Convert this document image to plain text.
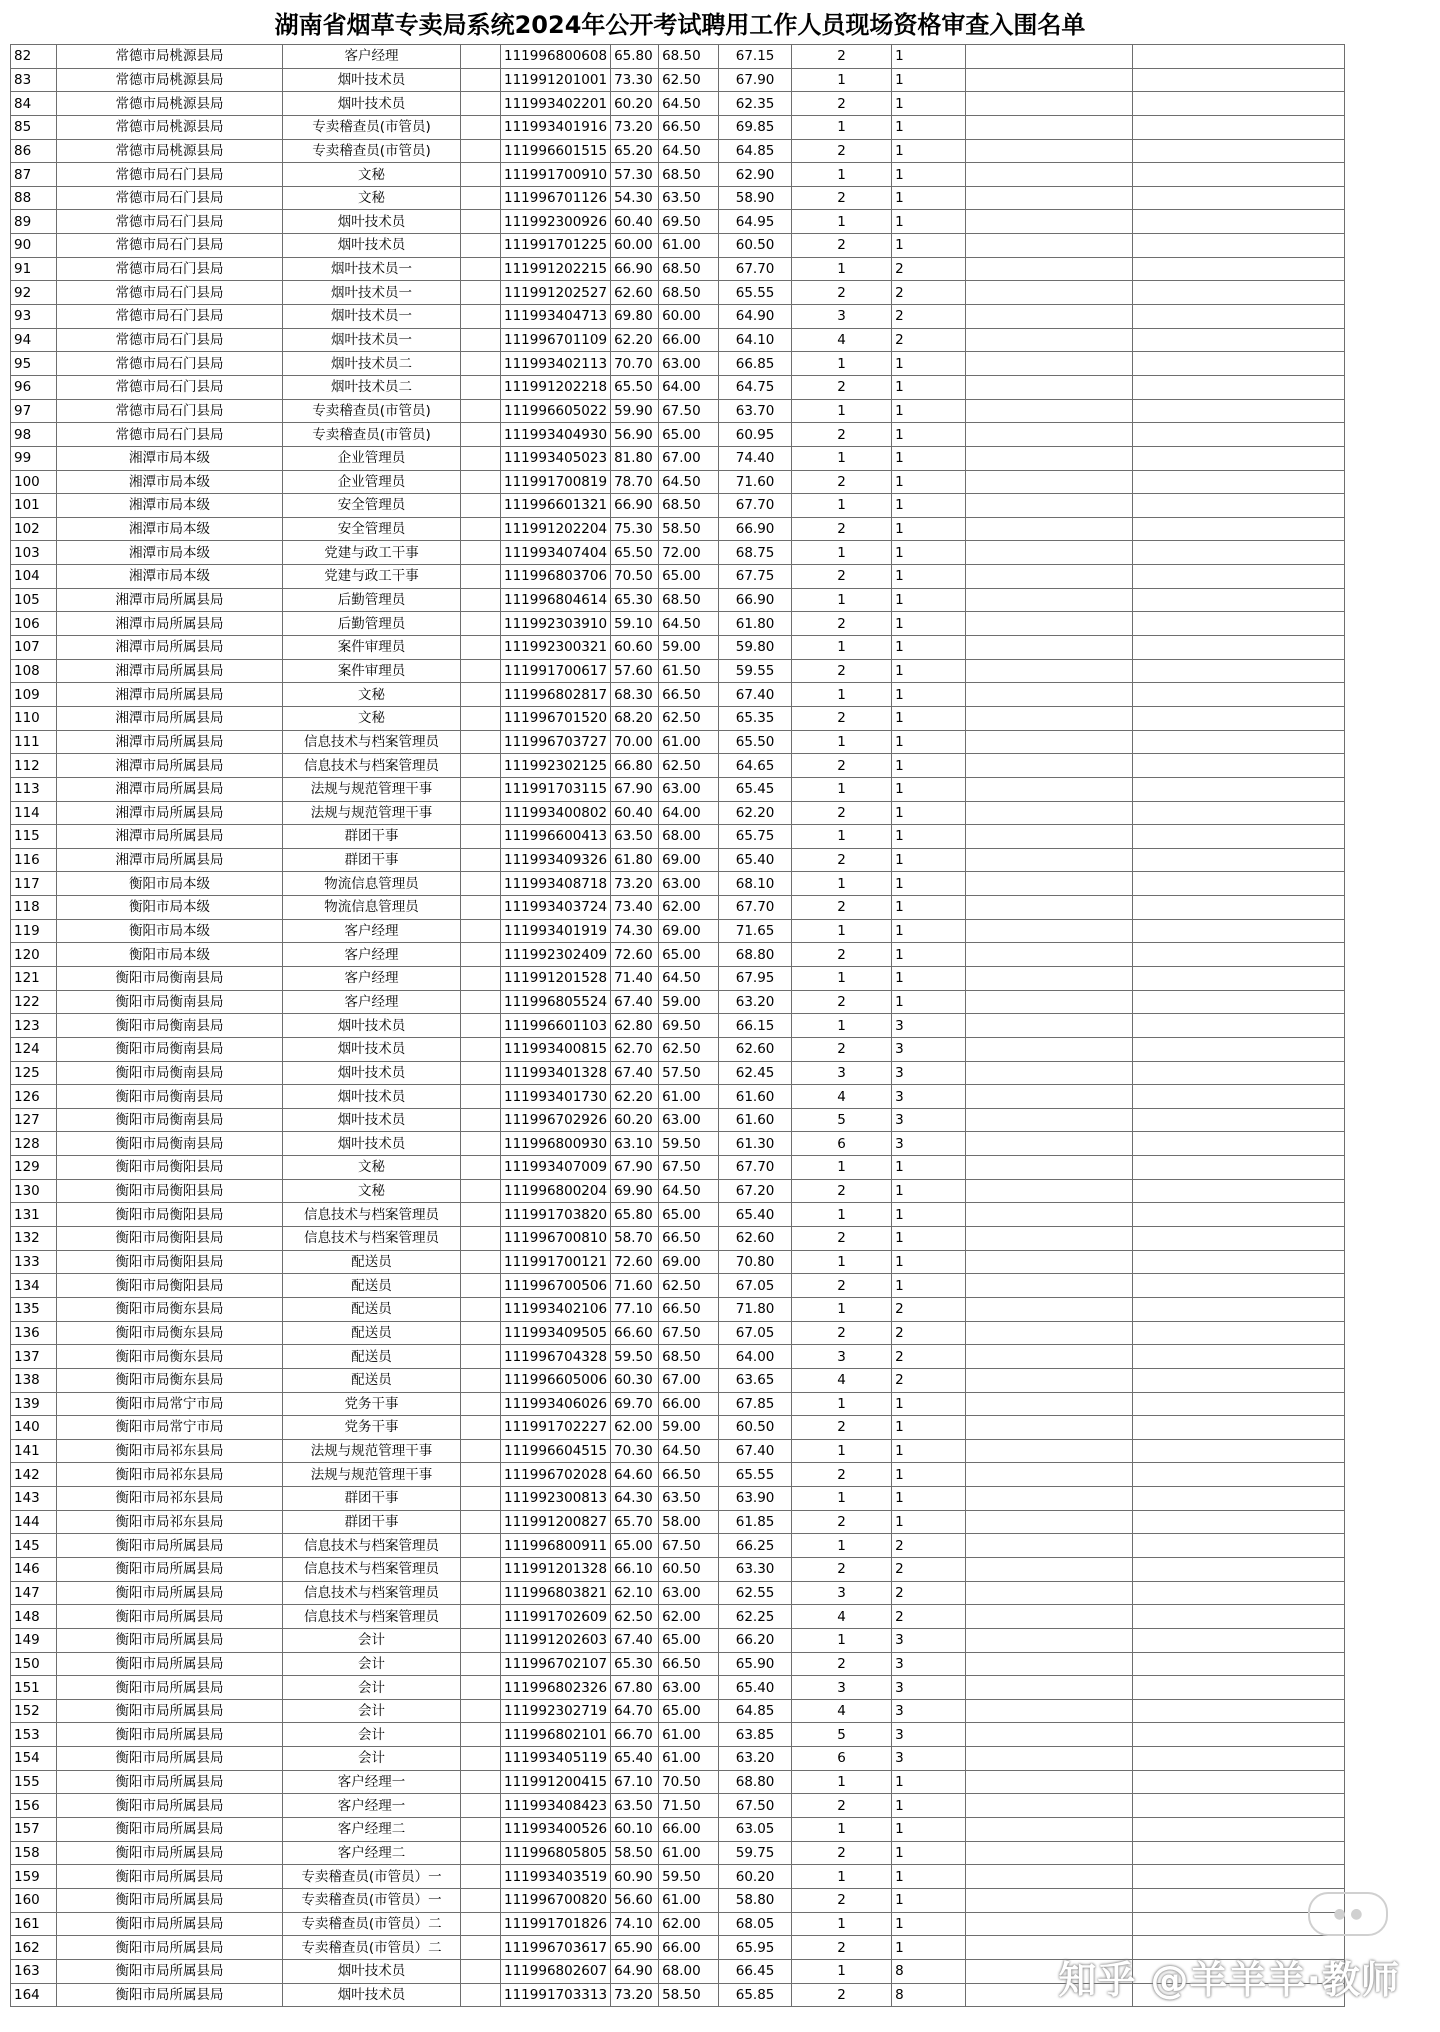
湖南省烟草专卖局系统2024年公开考试聘用工作人员现场资格审查入围名单
82	常德市局桃源县局	客户经理		111996800608	65.80	68.50	67.15	2	1		
83	常德市局桃源县局	烟叶技术员		111991201001	73.30	62.50	67.90	1	1		
84	常德市局桃源县局	烟叶技术员		111993402201	60.20	64.50	62.35	2	1		
85	常德市局桃源县局	专卖稽查员(市管员)		111993401916	73.20	66.50	69.85	1	1		
86	常德市局桃源县局	专卖稽查员(市管员)		111996601515	65.20	64.50	64.85	2	1		
87	常德市局石门县局	文秘		111991700910	57.30	68.50	62.90	1	1		
88	常德市局石门县局	文秘		111996701126	54.30	63.50	58.90	2	1		
89	常德市局石门县局	烟叶技术员		111992300926	60.40	69.50	64.95	1	1		
90	常德市局石门县局	烟叶技术员		111991701225	60.00	61.00	60.50	2	1		
91	常德市局石门县局	烟叶技术员一		111991202215	66.90	68.50	67.70	1	2		
92	常德市局石门县局	烟叶技术员一		111991202527	62.60	68.50	65.55	2	2		
93	常德市局石门县局	烟叶技术员一		111993404713	69.80	60.00	64.90	3	2		
94	常德市局石门县局	烟叶技术员一		111996701109	62.20	66.00	64.10	4	2		
95	常德市局石门县局	烟叶技术员二		111993402113	70.70	63.00	66.85	1	1		
96	常德市局石门县局	烟叶技术员二		111991202218	65.50	64.00	64.75	2	1		
97	常德市局石门县局	专卖稽查员(市管员)		111996605022	59.90	67.50	63.70	1	1		
98	常德市局石门县局	专卖稽查员(市管员)		111993404930	56.90	65.00	60.95	2	1		
99	湘潭市局本级	企业管理员		111993405023	81.80	67.00	74.40	1	1		
100	湘潭市局本级	企业管理员		111991700819	78.70	64.50	71.60	2	1		
101	湘潭市局本级	安全管理员		111996601321	66.90	68.50	67.70	1	1		
102	湘潭市局本级	安全管理员		111991202204	75.30	58.50	66.90	2	1		
103	湘潭市局本级	党建与政工干事		111993407404	65.50	72.00	68.75	1	1		
104	湘潭市局本级	党建与政工干事		111996803706	70.50	65.00	67.75	2	1		
105	湘潭市局所属县局	后勤管理员		111996804614	65.30	68.50	66.90	1	1		
106	湘潭市局所属县局	后勤管理员		111992303910	59.10	64.50	61.80	2	1		
107	湘潭市局所属县局	案件审理员		111992300321	60.60	59.00	59.80	1	1		
108	湘潭市局所属县局	案件审理员		111991700617	57.60	61.50	59.55	2	1		
109	湘潭市局所属县局	文秘		111996802817	68.30	66.50	67.40	1	1		
110	湘潭市局所属县局	文秘		111996701520	68.20	62.50	65.35	2	1		
111	湘潭市局所属县局	信息技术与档案管理员		111996703727	70.00	61.00	65.50	1	1		
112	湘潭市局所属县局	信息技术与档案管理员		111992302125	66.80	62.50	64.65	2	1		
113	湘潭市局所属县局	法规与规范管理干事		111991703115	67.90	63.00	65.45	1	1		
114	湘潭市局所属县局	法规与规范管理干事		111993400802	60.40	64.00	62.20	2	1		
115	湘潭市局所属县局	群团干事		111996600413	63.50	68.00	65.75	1	1		
116	湘潭市局所属县局	群团干事		111993409326	61.80	69.00	65.40	2	1		
117	衡阳市局本级	物流信息管理员		111993408718	73.20	63.00	68.10	1	1		
118	衡阳市局本级	物流信息管理员		111993403724	73.40	62.00	67.70	2	1		
119	衡阳市局本级	客户经理		111993401919	74.30	69.00	71.65	1	1		
120	衡阳市局本级	客户经理		111992302409	72.60	65.00	68.80	2	1		
121	衡阳市局衡南县局	客户经理		111991201528	71.40	64.50	67.95	1	1		
122	衡阳市局衡南县局	客户经理		111996805524	67.40	59.00	63.20	2	1		
123	衡阳市局衡南县局	烟叶技术员		111996601103	62.80	69.50	66.15	1	3		
124	衡阳市局衡南县局	烟叶技术员		111993400815	62.70	62.50	62.60	2	3		
125	衡阳市局衡南县局	烟叶技术员		111993401328	67.40	57.50	62.45	3	3		
126	衡阳市局衡南县局	烟叶技术员		111993401730	62.20	61.00	61.60	4	3		
127	衡阳市局衡南县局	烟叶技术员		111996702926	60.20	63.00	61.60	5	3		
128	衡阳市局衡南县局	烟叶技术员		111996800930	63.10	59.50	61.30	6	3		
129	衡阳市局衡阳县局	文秘		111993407009	67.90	67.50	67.70	1	1		
130	衡阳市局衡阳县局	文秘		111996800204	69.90	64.50	67.20	2	1		
131	衡阳市局衡阳县局	信息技术与档案管理员		111991703820	65.80	65.00	65.40	1	1		
132	衡阳市局衡阳县局	信息技术与档案管理员		111996700810	58.70	66.50	62.60	2	1		
133	衡阳市局衡阳县局	配送员		111991700121	72.60	69.00	70.80	1	1		
134	衡阳市局衡阳县局	配送员		111996700506	71.60	62.50	67.05	2	1		
135	衡阳市局衡东县局	配送员		111993402106	77.10	66.50	71.80	1	2		
136	衡阳市局衡东县局	配送员		111993409505	66.60	67.50	67.05	2	2		
137	衡阳市局衡东县局	配送员		111996704328	59.50	68.50	64.00	3	2		
138	衡阳市局衡东县局	配送员		111996605006	60.30	67.00	63.65	4	2		
139	衡阳市局常宁市局	党务干事		111993406026	69.70	66.00	67.85	1	1		
140	衡阳市局常宁市局	党务干事		111991702227	62.00	59.00	60.50	2	1		
141	衡阳市局祁东县局	法规与规范管理干事		111996604515	70.30	64.50	67.40	1	1		
142	衡阳市局祁东县局	法规与规范管理干事		111996702028	64.60	66.50	65.55	2	1		
143	衡阳市局祁东县局	群团干事		111992300813	64.30	63.50	63.90	1	1		
144	衡阳市局祁东县局	群团干事		111991200827	65.70	58.00	61.85	2	1		
145	衡阳市局所属县局	信息技术与档案管理员		111996800911	65.00	67.50	66.25	1	2		
146	衡阳市局所属县局	信息技术与档案管理员		111991201328	66.10	60.50	63.30	2	2		
147	衡阳市局所属县局	信息技术与档案管理员		111996803821	62.10	63.00	62.55	3	2		
148	衡阳市局所属县局	信息技术与档案管理员		111991702609	62.50	62.00	62.25	4	2		
149	衡阳市局所属县局	会计		111991202603	67.40	65.00	66.20	1	3		
150	衡阳市局所属县局	会计		111996702107	65.30	66.50	65.90	2	3		
151	衡阳市局所属县局	会计		111996802326	67.80	63.00	65.40	3	3		
152	衡阳市局所属县局	会计		111992302719	64.70	65.00	64.85	4	3		
153	衡阳市局所属县局	会计		111996802101	66.70	61.00	63.85	5	3		
154	衡阳市局所属县局	会计		111993405119	65.40	61.00	63.20	6	3		
155	衡阳市局所属县局	客户经理一		111991200415	67.10	70.50	68.80	1	1		
156	衡阳市局所属县局	客户经理一		111993408423	63.50	71.50	67.50	2	1		
157	衡阳市局所属县局	客户经理二		111993400526	60.10	66.00	63.05	1	1		
158	衡阳市局所属县局	客户经理二		111996805805	58.50	61.00	59.75	2	1		
159	衡阳市局所属县局	专卖稽查员(市管员）一		111993403519	60.90	59.50	60.20	1	1		
160	衡阳市局所属县局	专卖稽查员(市管员）一		111996700820	56.60	61.00	58.80	2	1		
161	衡阳市局所属县局	专卖稽查员(市管员）二		111991701826	74.10	62.00	68.05	1	1		
162	衡阳市局所属县局	专卖稽查员(市管员）二		111996703617	65.90	66.00	65.95	2	1		
163	衡阳市局所属县局	烟叶技术员		111996802607	64.90	68.00	66.45	1	8		
164	衡阳市局所属县局	烟叶技术员		111991703313	73.20	58.50	65.85	2	8		
● ●
知乎 @羊羊羊·教师
